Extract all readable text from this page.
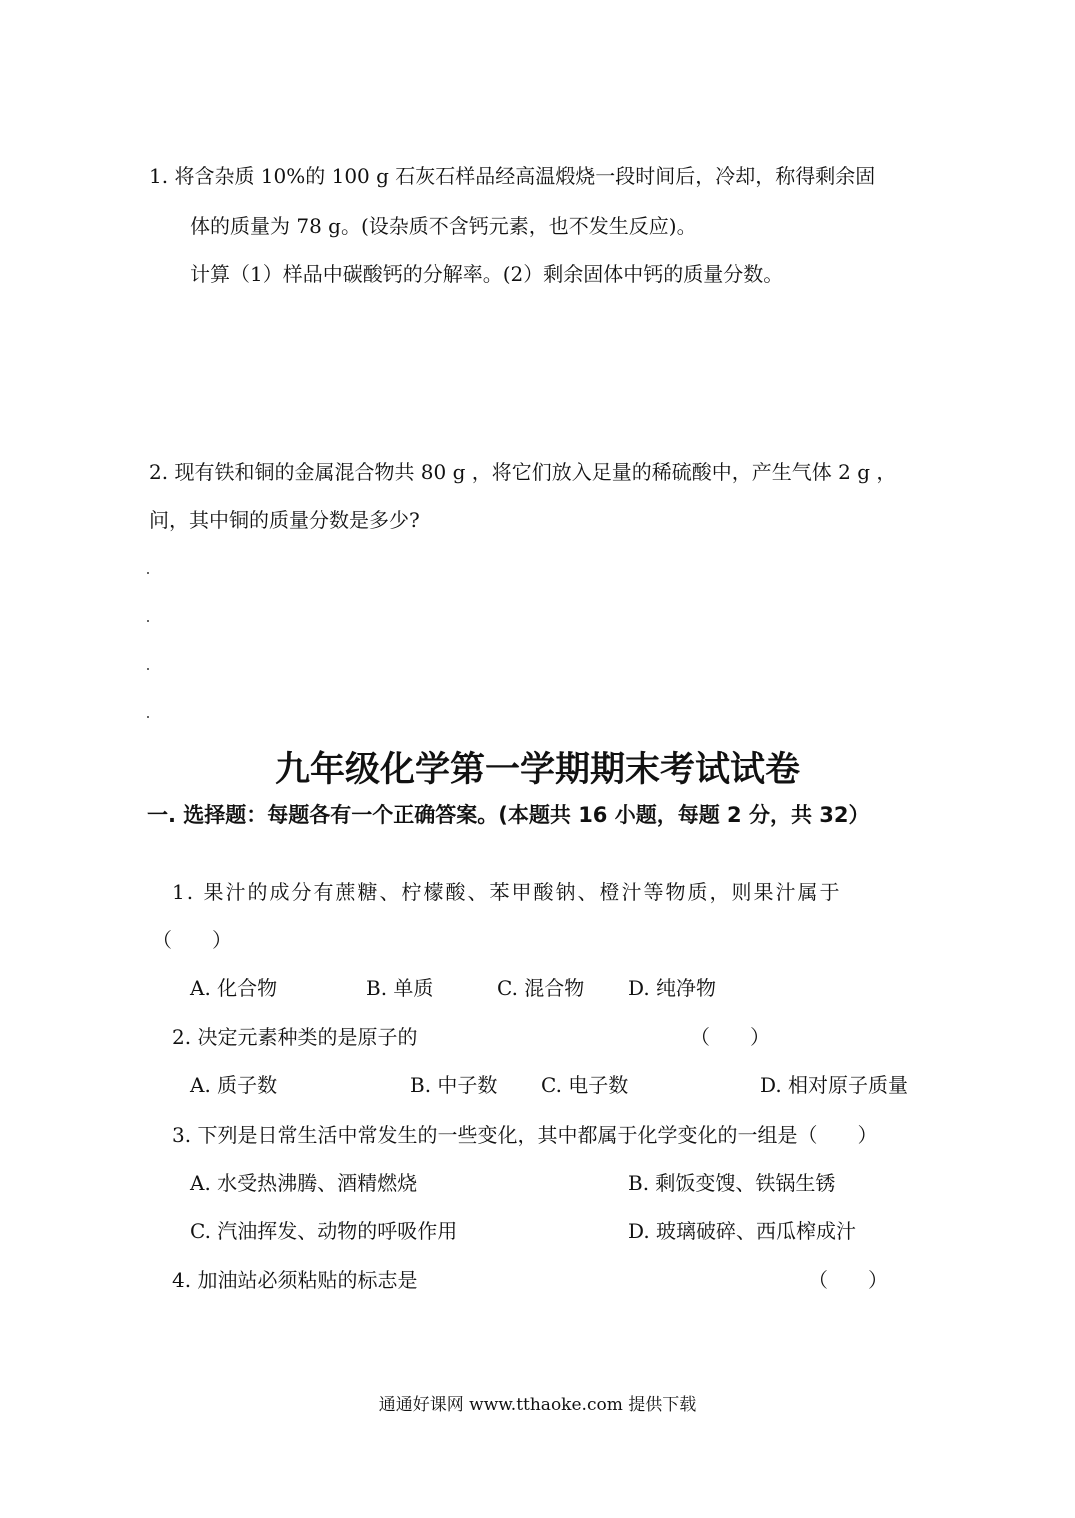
1. 将含杂质 10%的 100 g 石灰石样品经高温煅烧一段时间后，冷却，称得剩余固
体的质量为 78 g。(设杂质不含钙元素，也不发生反应)。
计算（1）样品中碳酸钙的分解率。(2）剩余固体中钙的质量分数。
2. 现有铁和铜的金属混合物共 80 g ，将它们放入足量的稀硫酸中，产生气体 2 g ，
问，其中铜的质量分数是多少?
九年级化学第一学期期末考试试卷
一. 选择题：每题各有一个正确答案。(本题共 16 小题，每题 2 分，共 32）
1. 果汁的成分有蔗糖、柠檬酸、苯甲酸钠、橙汁等物质，则果汁属于
（　　）
A. 化合物	B. 单质	C. 混合物 D. 纯净物
2. 决定元素种类的是原子的	（　　）
A. 质子数	B. 中子数 C. 电子数	D. 相对原子质量
3. 下列是日常生活中常发生的一些变化，其中都属于化学变化的一组是（　　）
A. 水受热沸腾、酒精燃烧	B. 剩饭变馊、铁锅生锈
C. 汽油挥发、动物的呼吸作用	D. 玻璃破碎、西瓜榨成汁
4. 加油站必须粘贴的标志是	（　　）
通通好课网 www.tthaoke.com 提供下载
